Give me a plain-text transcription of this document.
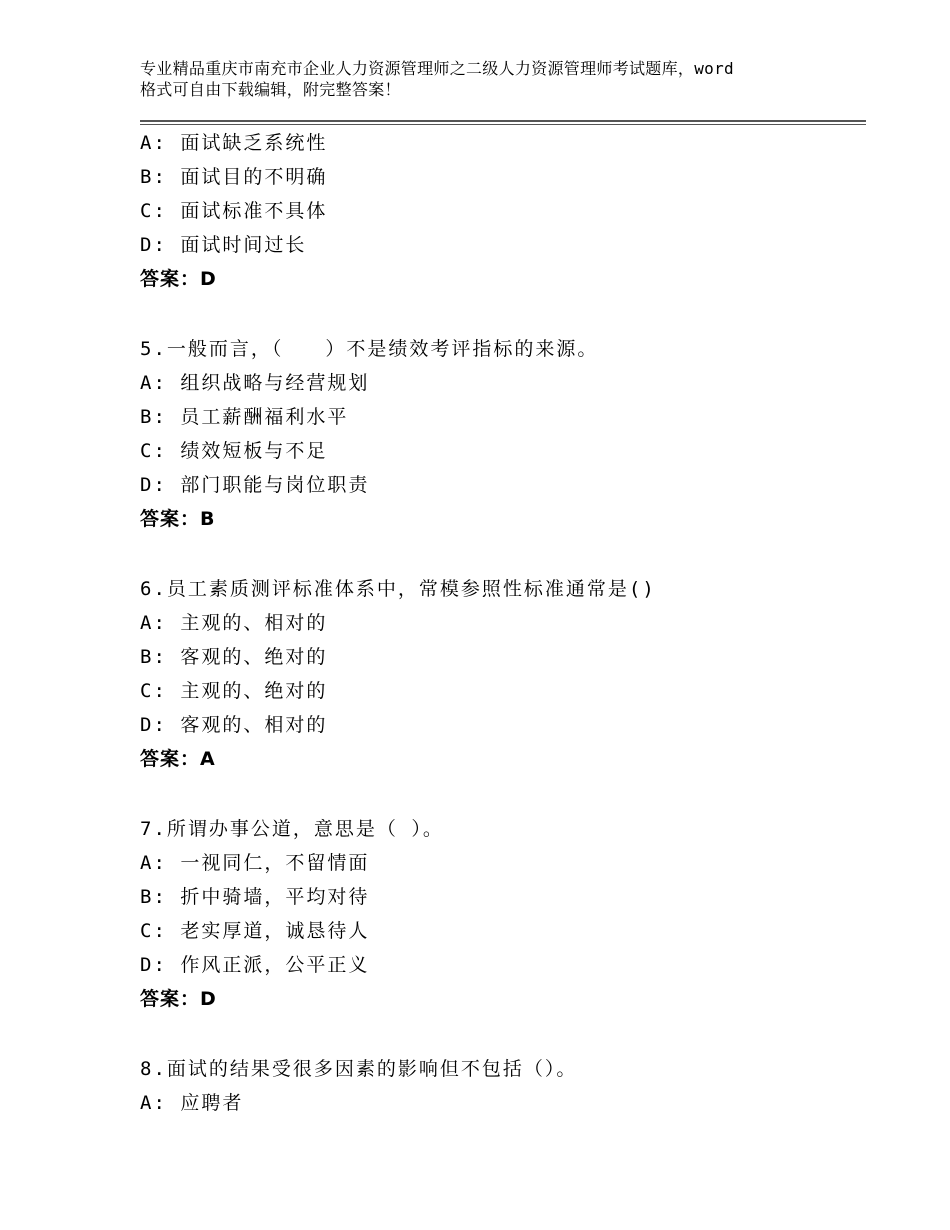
专业精品重庆市南充市企业人力资源管理师之二级人力资源管理师考试题库，word
格式可自由下载编辑，附完整答案！
A: 面试缺乏系统性
B: 面试目的不明确
C: 面试标准不具体
D: 面试时间过长
答案：D
5.一般而言，（　　）不是绩效考评指标的来源。
A: 组织战略与经营规划
B: 员工薪酬福利水平
C: 绩效短板与不足
D: 部门职能与岗位职责
答案：B
6.员工素质测评标准体系中，常模参照性标准通常是()
A: 主观的、相对的
B: 客观的、绝对的
C: 主观的、绝对的
D: 客观的、相对的
答案：A
7.所谓办事公道，意思是（ ）。
A: 一视同仁，不留情面
B: 折中骑墙，平均对待
C: 老实厚道，诚恳待人
D: 作风正派，公平正义
答案：D
8.面试的结果受很多因素的影响但不包括（）。
A: 应聘者
